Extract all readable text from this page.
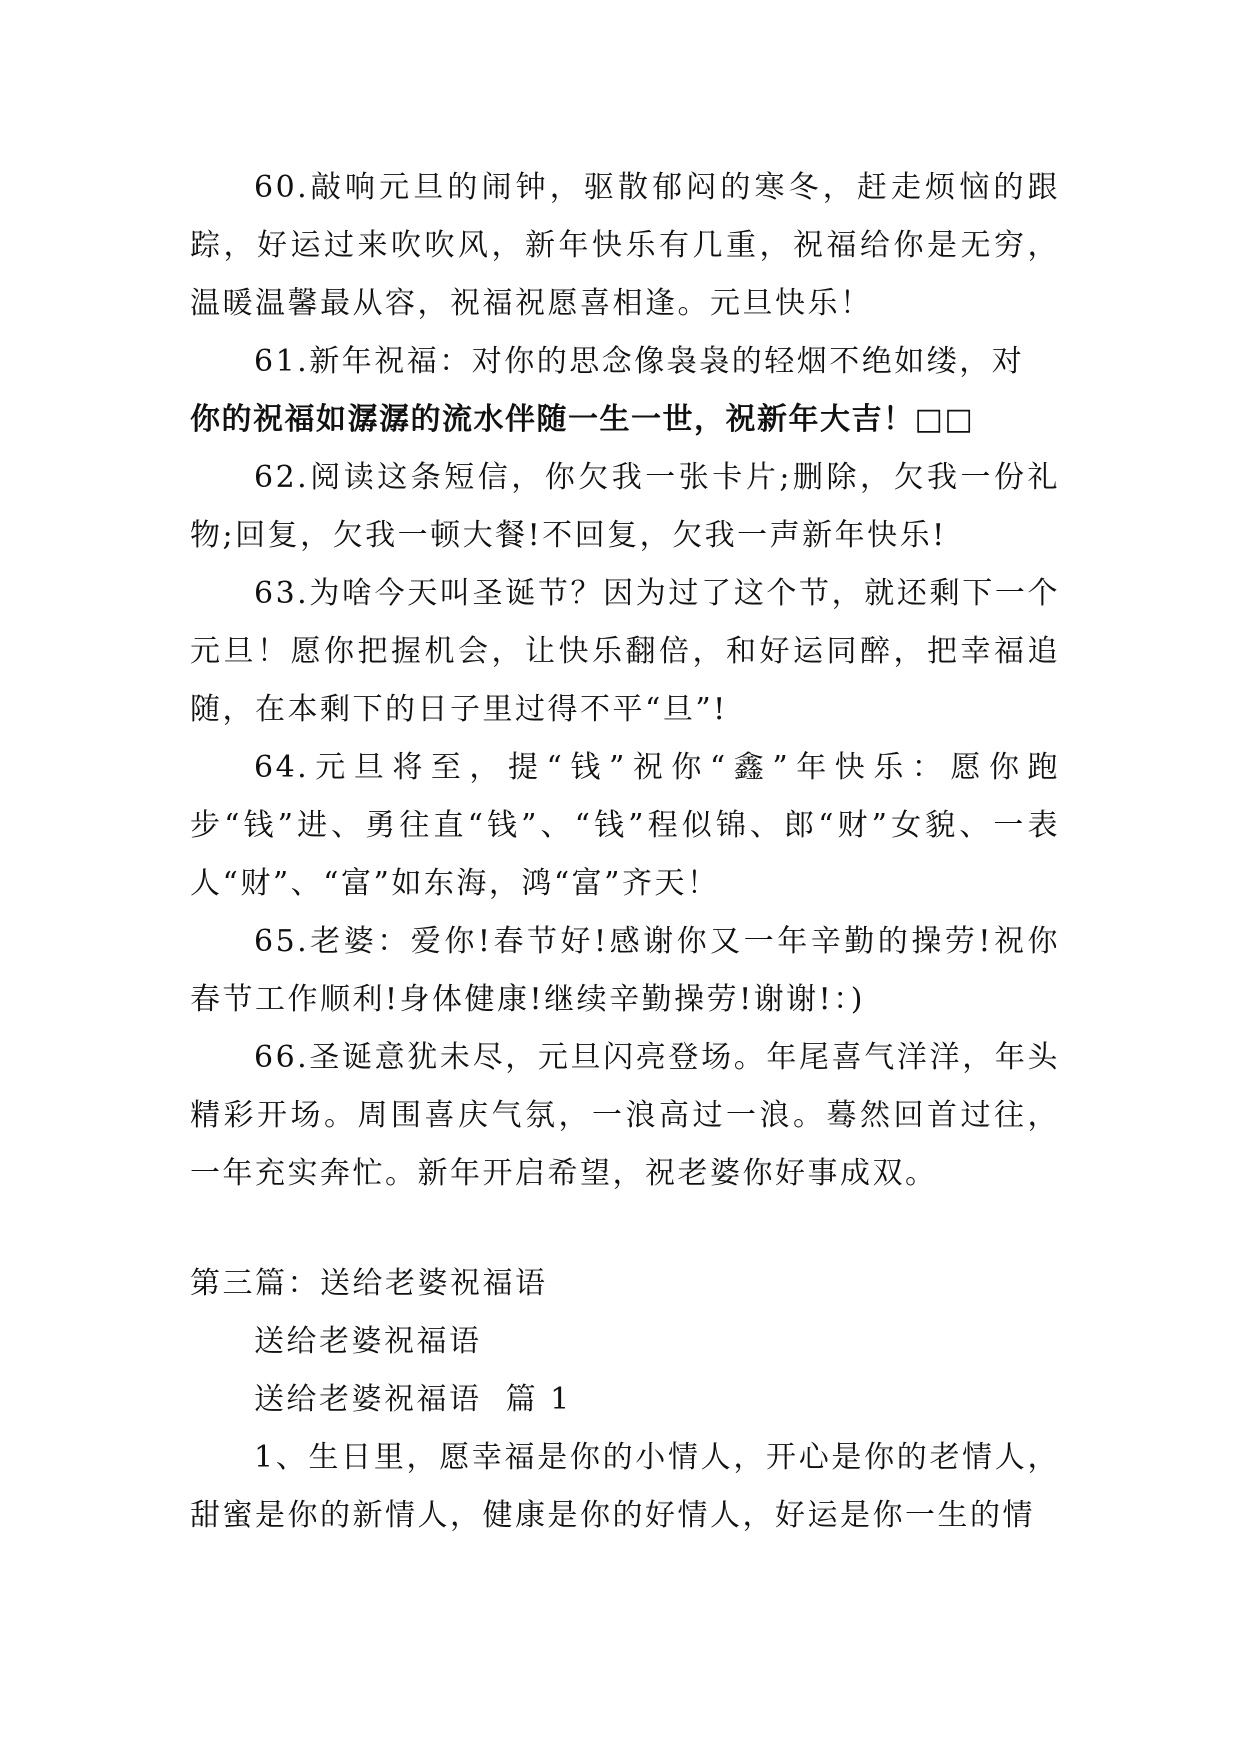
60.敲响元旦的闹钟，驱散郁闷的寒冬，赶走烦恼的跟踪，好运过来吹吹风，新年快乐有几重，祝福给你是无穷，温暖温馨最从容，祝福祝愿喜相逢。元旦快乐！

61.新年祝福：对你的思念像袅袅的轻烟不绝如缕，对

你的祝福如潺潺的流水伴随一生一世，祝新年大吉！□□

62.阅读这条短信，你欠我一张卡片;删除，欠我一份礼物;回复，欠我一顿大餐!不回复，欠我一声新年快乐!

63.为啥今天叫圣诞节？因为过了这个节，就还剩下一个元旦！愿你把握机会，让快乐翻倍，和好运同醉，把幸福追随，在本剩下的日子里过得不平“旦”!

64.元旦将至，提“钱”祝你“鑫”年快乐：愿你跑步“钱”进、勇往直“钱”、“钱”程似锦、郎“财”女貌、一表人“财”、“富”如东海，鸿“富”齐天！

65.老婆：爱你!春节好!感谢你又一年辛勤的操劳!祝你春节工作顺利!身体健康!继续辛勤操劳!谢谢!：)

66.圣诞意犹未尽，元旦闪亮登场。年尾喜气洋洋，年头精彩开场。周围喜庆气氛，一浪高过一浪。蓦然回首过往，一年充实奔忙。新年开启希望，祝老婆你好事成双。

第三篇：送给老婆祝福语

送给老婆祝福语

送给老婆祝福语  篇 1

1、生日里，愿幸福是你的小情人，开心是你的老情人，甜蜜是你的新情人，健康是你的好情人，好运是你一生的情
